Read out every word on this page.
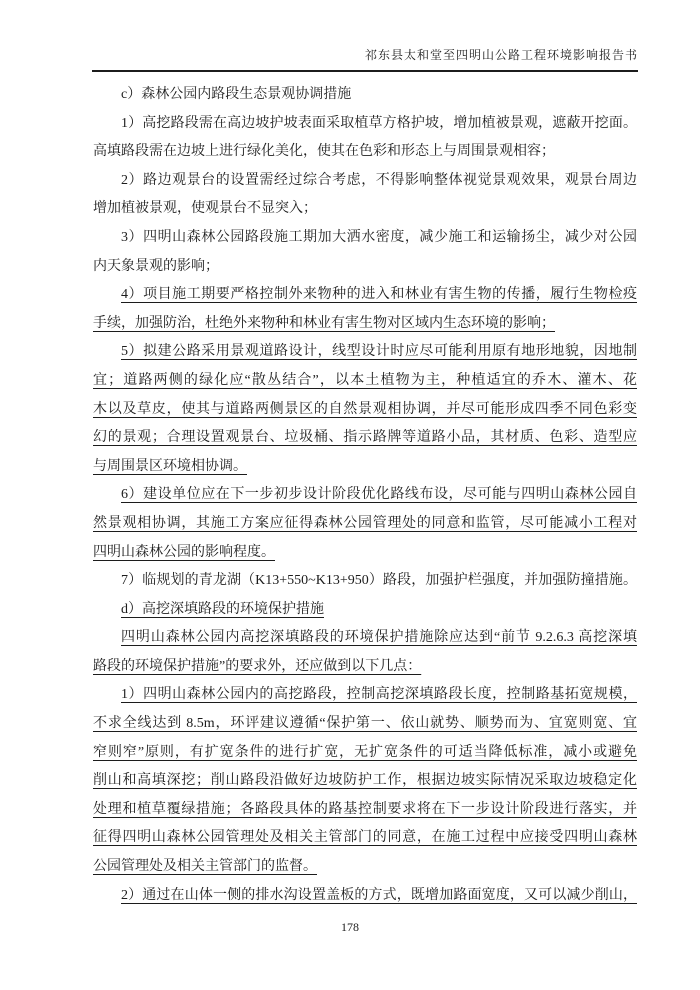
祁东县太和堂至四明山公路工程环境影响报告书
c）森林公园内路段生态景观协调措施
1）高挖路段需在高边坡护坡表面采取植草方格护坡，增加植被景观，遮蔽开挖面。
高填路段需在边坡上进行绿化美化，使其在色彩和形态上与周围景观相容；
2）路边观景台的设置需经过综合考虑，不得影响整体视觉景观效果，观景台周边
增加植被景观，使观景台不显突入；
3）四明山森林公园路段施工期加大洒水密度，减少施工和运输扬尘，减少对公园
内天象景观的影响；
4）项目施工期要严格控制外来物种的进入和林业有害生物的传播，履行生物检疫
手续，加强防治，杜绝外来物种和林业有害生物对区域内生态环境的影响；
5）拟建公路采用景观道路设计，线型设计时应尽可能利用原有地形地貌，因地制
宜；道路两侧的绿化应“散丛结合”，以本土植物为主，种植适宜的乔木、灌木、花
木以及草皮，使其与道路两侧景区的自然景观相协调，并尽可能形成四季不同色彩变
幻的景观；合理设置观景台、垃圾桶、指示路牌等道路小品，其材质、色彩、造型应
与周围景区环境相协调。
6）建设单位应在下一步初步设计阶段优化路线布设，尽可能与四明山森林公园自
然景观相协调，其施工方案应征得森林公园管理处的同意和监管，尽可能减小工程对
四明山森林公园的影响程度。
7）临规划的青龙湖（K13+550~K13+950）路段，加强护栏强度，并加强防撞措施。
d）高挖深填路段的环境保护措施
四明山森林公园内高挖深填路段的环境保护措施除应达到“前节 9.2.6.3 高挖深填
路段的环境保护措施”的要求外，还应做到以下几点：
1）四明山森林公园内的高挖路段，控制高挖深填路段长度，控制路基拓宽规模，
不求全线达到 8.5m，环评建议遵循“保护第一、依山就势、顺势而为、宜宽则宽、宜
窄则窄”原则，有扩宽条件的进行扩宽，无扩宽条件的可适当降低标准，减小或避免
削山和高填深挖；削山路段沿做好边坡防护工作，根据边坡实际情况采取边坡稳定化
处理和植草覆绿措施；各路段具体的路基控制要求将在下一步设计阶段进行落实，并
征得四明山森林公园管理处及相关主管部门的同意，在施工过程中应接受四明山森林
公园管理处及相关主管部门的监督。
2）通过在山体一侧的排水沟设置盖板的方式，既增加路面宽度，又可以减少削山，
178
